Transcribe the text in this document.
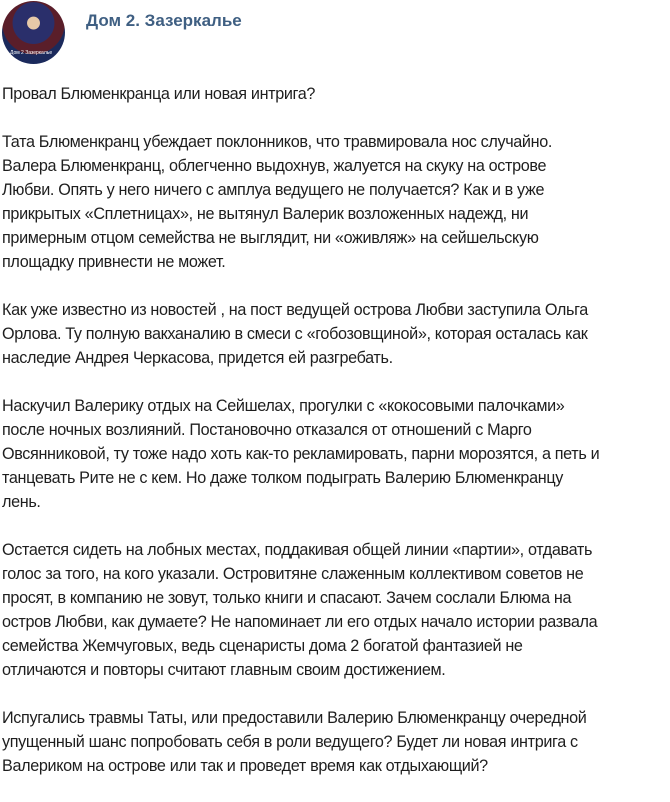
Дом 2 Зазеркалье
Дом 2. Зазеркалье
Провал Блюменкранца или новая интрига?
Тата Блюменкранц убеждает поклонников, что травмировала нос случайно.
Валера Блюменкранц, облегченно выдохнув, жалуется на скуку на острове
Любви. Опять у него ничего с амплуа ведущего не получается? Как и в уже
прикрытых «Сплетницах», не вытянул Валерик возложенных надежд, ни
примерным отцом семейства не выглядит, ни «оживляж» на сейшельскую
площадку привнести не может.
Как уже известно из новостей , на пост ведущей острова Любви заступила Ольга
Орлова. Ту полную вакханалию в смеси с «гобозовщиной», которая осталась как
наследие Андрея Черкасова, придется ей разгребать.
Наскучил Валерику отдых на Сейшелах, прогулки с «кокосовыми палочками»
после ночных возлияний. Постановочно отказался от отношений с Марго
Овсянниковой, ту тоже надо хоть как-то рекламировать, парни морозятся, а петь и
танцевать Рите не с кем. Но даже толком подыграть Валерию Блюменкранцу
лень.
Остается сидеть на лобных местах, поддакивая общей линии «партии», отдавать
голос за того, на кого указали. Островитяне слаженным коллективом советов не
просят, в компанию не зовут, только книги и спасают. Зачем сослали Блюма на
остров Любви, как думаете? Не напоминает ли его отдых начало истории развала
семейства Жемчуговых, ведь сценаристы дома 2 богатой фантазией не
отличаются и повторы считают главным своим достижением.
Испугались травмы Таты, или предоставили Валерию Блюменкранцу очередной
упущенный шанс попробовать себя в роли ведущего? Будет ли новая интрига с
Валериком на острове или так и проведет время как отдыхающий?
